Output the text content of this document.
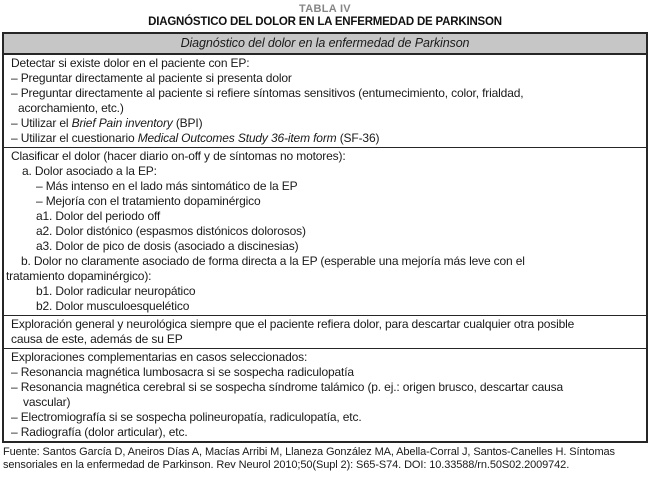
TABLA IV
DIAGNÓSTICO DEL DOLOR EN LA ENFERMEDAD DE PARKINSON
Diagnóstico del dolor en la enfermedad de Parkinson
Detectar si existe dolor en el paciente con EP:
– Preguntar directamente al paciente si presenta dolor
– Preguntar directamente al paciente si refiere síntomas sensitivos (entumecimiento, color, frialdad,
acorchamiento, etc.)
– Utilizar el Brief Pain inventory (BPI)
– Utilizar el cuestionario Medical Outcomes Study 36-item form (SF-36)
Clasificar el dolor (hacer diario on-off y de síntomas no motores):
a. Dolor asociado a la EP:
– Más intenso en el lado más sintomático de la EP
– Mejoría con el tratamiento dopaminérgico
a1. Dolor del periodo off
a2. Dolor distónico (espasmos distónicos dolorosos)
a3. Dolor de pico de dosis (asociado a discinesias)
b. Dolor no claramente asociado de forma directa a la EP (esperable una mejoría más leve con el
tratamiento dopaminérgico):
b1. Dolor radicular neuropático
b2. Dolor musculoesquelético
Exploración general y neurológica siempre que el paciente refiera dolor, para descartar cualquier otra posible
causa de este, además de su EP
Exploraciones complementarias en casos seleccionados:
– Resonancia magnética lumbosacra si se sospecha radiculopatía
– Resonancia magnética cerebral si se sospecha síndrome talámico (p. ej.: origen brusco, descartar causa
vascular)
– Electromiografía si se sospecha polineuropatía, radiculopatía, etc.
– Radiografía (dolor articular), etc.
Fuente: Santos García D, Aneiros Días A, Macías Arribi M, Llaneza González MA, Abella-Corral J, Santos-Canelles H. Síntomas
sensoriales en la enfermedad de Parkinson. Rev Neurol 2010;50(Supl 2): S65-S74. DOI: 10.33588/rn.50S02.2009742.
